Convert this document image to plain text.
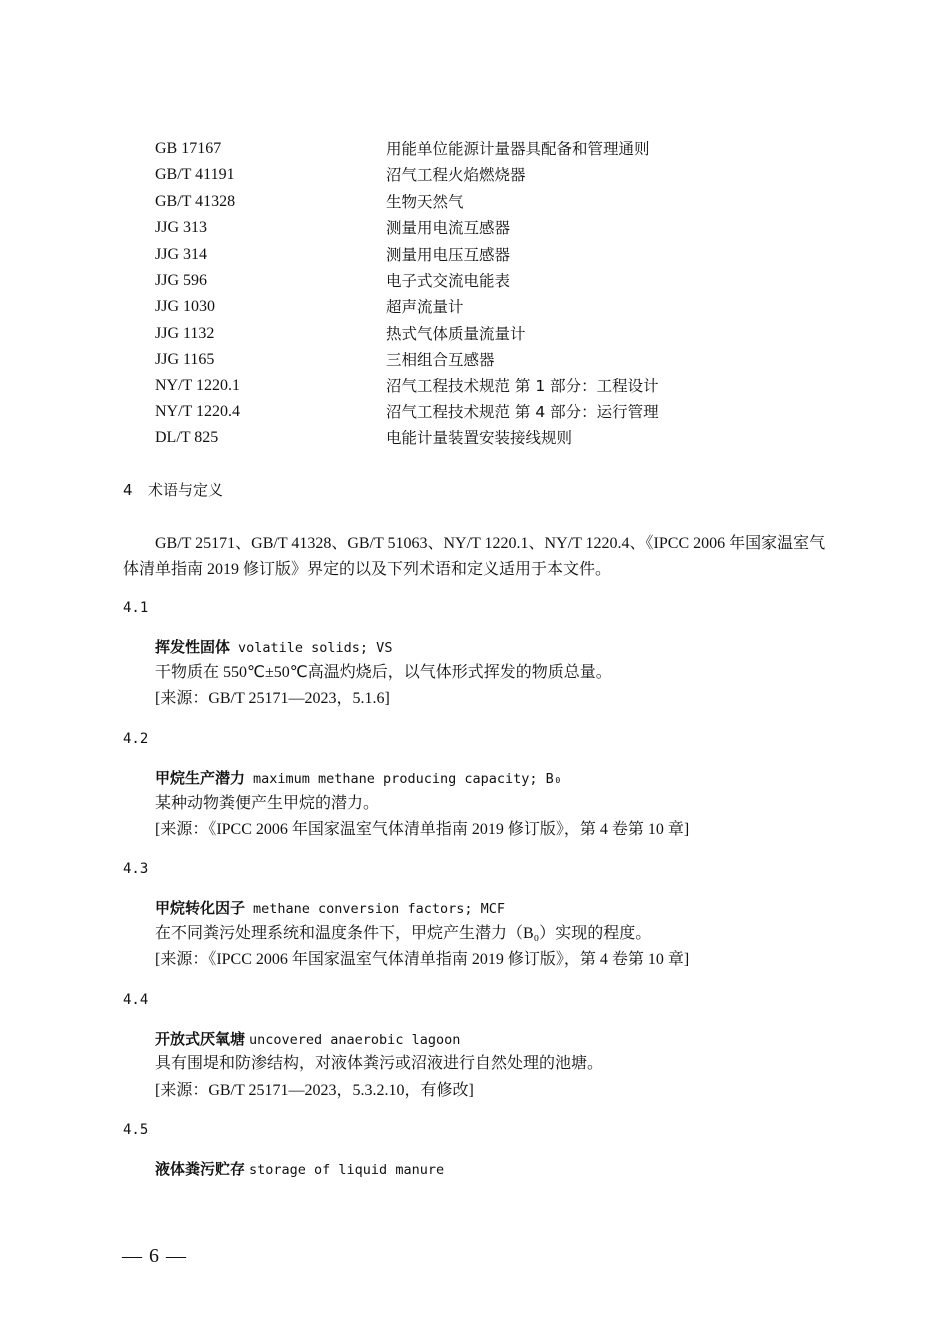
GB 17167	用能单位能源计量器具配备和管理通则
GB/T 41191	沼气工程火焰燃烧器
GB/T 41328	生物天然气
JJG 313	测量用电流互感器
JJG 314	测量用电压互感器
JJG 596	电子式交流电能表
JJG 1030	超声流量计
JJG 1132	热式气体质量流量计
JJG 1165	三相组合互感器
NY/T 1220.1	沼气工程技术规范 第 1 部分：工程设计
NY/T 1220.4	沼气工程技术规范 第 4 部分：运行管理
DL/T 825	电能计量装置安装接线规则
4 术语与定义

GB/T 25171、GB/T 41328、GB/T 51063、NY/T 1220.1、NY/T 1220.4、《IPCC 2006 年国家温室气体清单指南 2019 修订版》界定的以及下列术语和定义适用于本文件。

4.1
挥发性固体 volatile solids; VS
干物质在 550℃±50℃高温灼烧后，以气体形式挥发的物质总量。
[来源：GB/T 25171—2023，5.1.6]
4.2
甲烷生产潜力 maximum methane producing capacity; B₀
某种动物粪便产生甲烷的潜力。
[来源：《IPCC 2006 年国家温室气体清单指南 2019 修订版》，第 4 卷第 10 章]
4.3
甲烷转化因子 methane conversion factors; MCF
在不同粪污处理系统和温度条件下，甲烷产生潜力（B₀）实现的程度。
[来源：《IPCC 2006 年国家温室气体清单指南 2019 修订版》，第 4 卷第 10 章]
4.4
开放式厌氧塘 uncovered anaerobic lagoon
具有围堤和防渗结构，对液体粪污或沼液进行自然处理的池塘。
[来源：GB/T 25171—2023，5.3.2.10，有修改]
4.5
液体粪污贮存 storage of liquid manure
— 6 —
